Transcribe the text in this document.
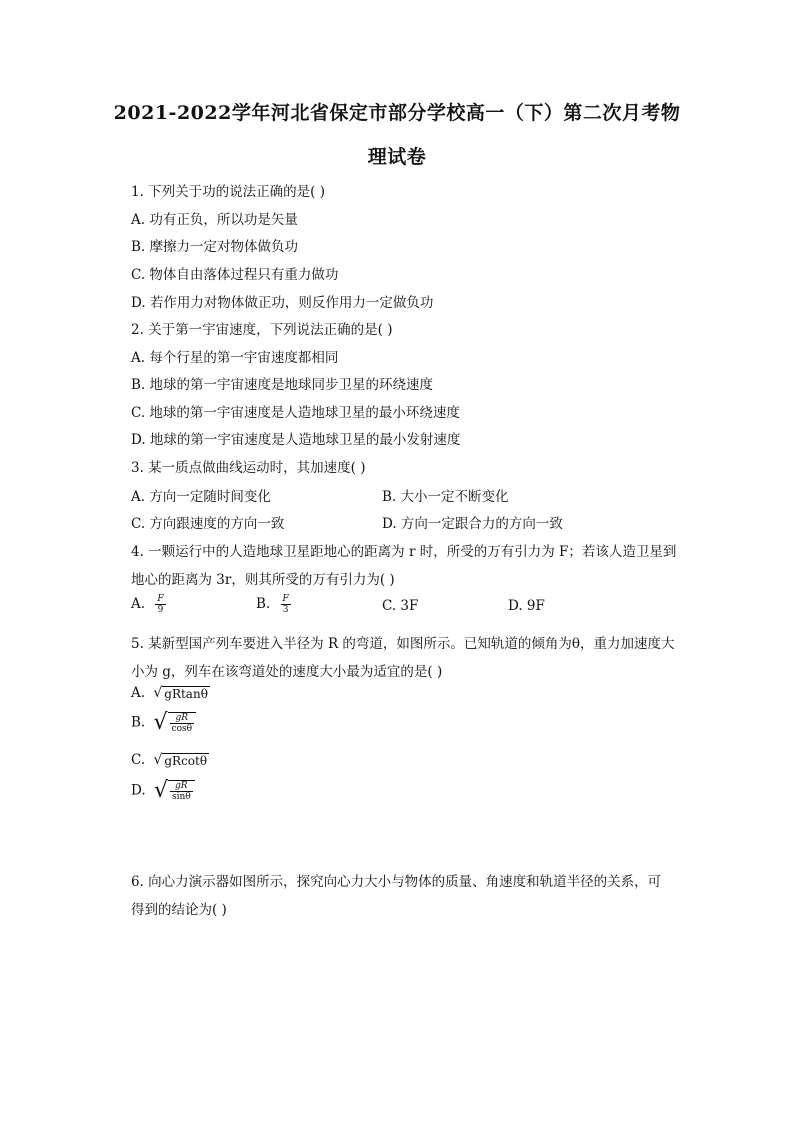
2021-2022学年河北省保定市部分学校高一（下）第二次月考物
理试卷
1. 下列关于功的说法正确的是( )
A. 功有正负，所以功是矢量
B. 摩擦力一定对物体做负功
C. 物体自由落体过程只有重力做功
D. 若作用力对物体做正功，则反作用力一定做负功
2. 关于第一宇宙速度，下列说法正确的是( )
A. 每个行星的第一宇宙速度都相同
B. 地球的第一宇宙速度是地球同步卫星的环绕速度
C. 地球的第一宇宙速度是人造地球卫星的最小环绕速度
D. 地球的第一宇宙速度是人造地球卫星的最小发射速度
3. 某一质点做曲线运动时，其加速度( )
A. 方向一定随时间变化	B. 大小一定不断变化
C. 方向跟速度的方向一致	D. 方向一定跟合力的方向一致
4. 一颗运行中的人造地球卫星距地心的距离为 r 时，所受的万有引力为 F；若该人造卫星到
地心的距离为 3r，则其所受的万有引力为( )
A. $\frac{F}{9}$	B. $\frac{F}{3}$	C. 3F	D. 9F
5. 某新型国产列车要进入半径为 R 的弯道，如图所示。已知轨道的倾角为θ，重力加速度大
小为 g，列车在该弯道处的速度大小最为适宜的是( )
A. √ gRtanθ
B. √ $\frac{gR}{\cos\theta}$
C. √ gRcotθ
D. √ $\frac{gR}{\sin\theta}$
6. 向心力演示器如图所示，探究向心力大小与物体的质量、角速度和轨道半径的关系，可
得到的结论为( )
